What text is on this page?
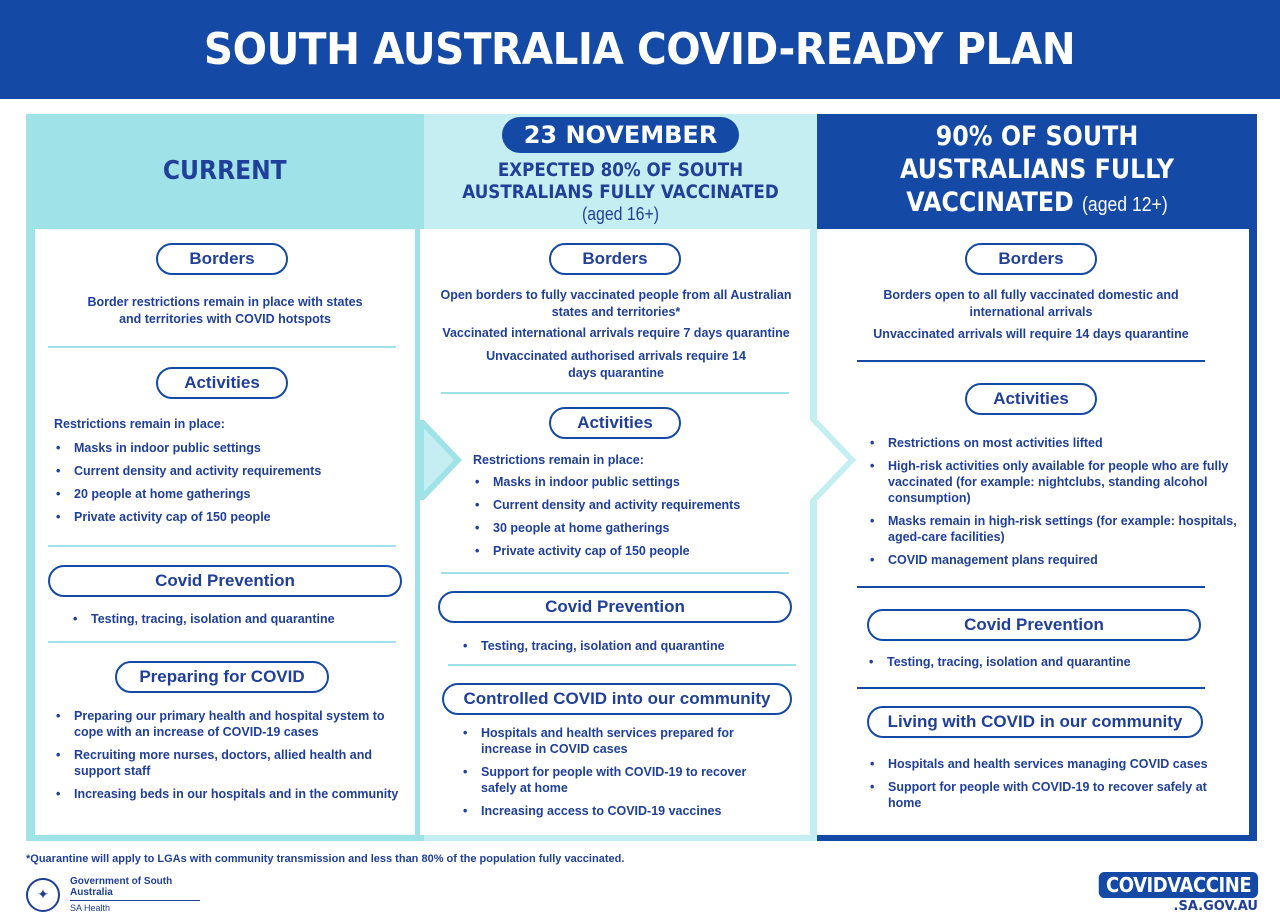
SOUTH AUSTRALIA COVID-READY PLAN
CURRENT
23 NOVEMBER
EXPECTED 80% OF SOUTH AUSTRALIANS FULLY VACCINATED (aged 16+)
90% OF SOUTH AUSTRALIANS FULLY VACCINATED (aged 12+)
Borders
Border restrictions remain in place with states and territories with COVID hotspots
Activities
Restrictions remain in place:
• Masks in indoor public settings
• Current density and activity requirements
• 20 people at home gatherings
• Private activity cap of 150 people
Covid Prevention
• Testing, tracing, isolation and quarantine
Preparing for COVID
• Preparing our primary health and hospital system to cope with an increase of COVID-19 cases
• Recruiting more nurses, doctors, allied health and support staff
• Increasing beds in our hospitals and in the community
Borders
Open borders to fully vaccinated people from all Australian states and territories*
Vaccinated international arrivals require 7 days quarantine
Unvaccinated authorised arrivals require 14 days quarantine
Activities
Restrictions remain in place:
• Masks in indoor public settings
• Current density and activity requirements
• 30 people at home gatherings
• Private activity cap of 150 people
Covid Prevention
• Testing, tracing, isolation and quarantine
Controlled COVID into our community
• Hospitals and health services prepared for increase in COVID cases
• Support for people with COVID-19 to recover safely at home
• Increasing access to COVID-19 vaccines
Borders
Borders open to all fully vaccinated domestic and international arrivals
Unvaccinated arrivals will require 14 days quarantine
Activities
• Restrictions on most activities lifted
• High-risk activities only available for people who are fully vaccinated (for example: nightclubs, standing alcohol consumption)
• Masks remain in high-risk settings (for example: hospitals, aged-care facilities)
• COVID management plans required
Covid Prevention
• Testing, tracing, isolation and quarantine
Living with COVID in our community
• Hospitals and health services managing COVID cases
• Support for people with COVID-19 to recover safely at home
*Quarantine will apply to LGAs with community transmission and less than 80% of the population fully vaccinated.
✦
Government of South Australia
SA Health
COVIDVACCINE
.SA.GOV.AU
